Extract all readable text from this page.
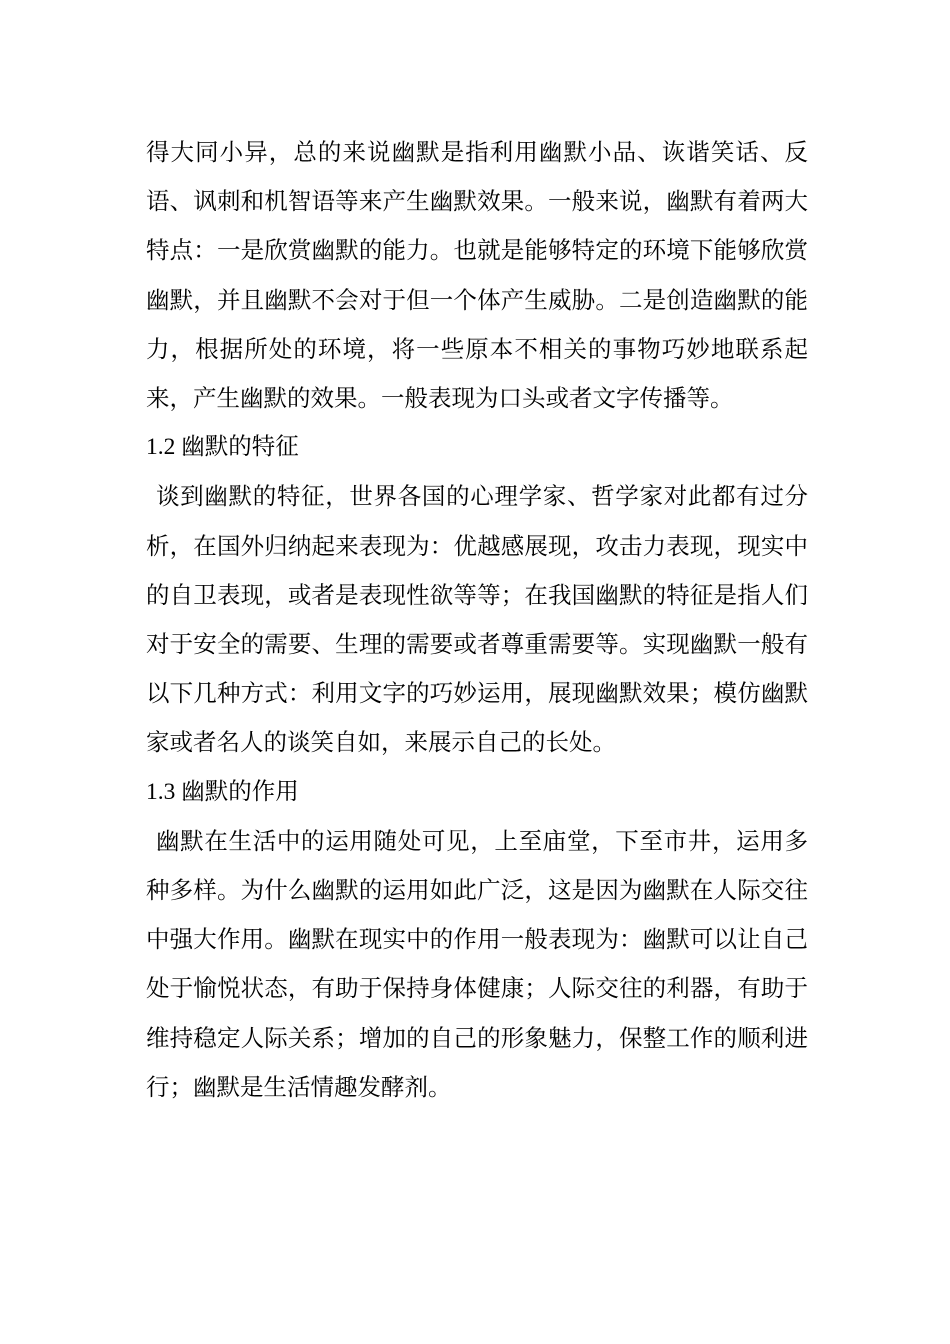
得大同小异，总的来说幽默是指利用幽默小品、诙谐笑话、反语、讽刺和机智语等来产生幽默效果。一般来说，幽默有着两大特点：一是欣赏幽默的能力。也就是能够特定的环境下能够欣赏幽默，并且幽默不会对于但一个体产生威胁。二是创造幽默的能力，根据所处的环境，将一些原本不相关的事物巧妙地联系起来，产生幽默的效果。一般表现为口头或者文字传播等。

1.2 幽默的特征

谈到幽默的特征，世界各国的心理学家、哲学家对此都有过分析，在国外归纳起来表现为：优越感展现，攻击力表现，现实中的自卫表现，或者是表现性欲等等；在我国幽默的特征是指人们对于安全的需要、生理的需要或者尊重需要等。实现幽默一般有以下几种方式：利用文字的巧妙运用，展现幽默效果；模仿幽默家或者名人的谈笑自如，来展示自己的长处。

1.3 幽默的作用

幽默在生活中的运用随处可见，上至庙堂，下至市井，运用多种多样。为什么幽默的运用如此广泛，这是因为幽默在人际交往中强大作用。幽默在现实中的作用一般表现为：幽默可以让自己处于愉悦状态，有助于保持身体健康；人际交往的利器，有助于维持稳定人际关系；增加的自己的形象魅力，保整工作的顺利进行；幽默是生活情趣发酵剂。
